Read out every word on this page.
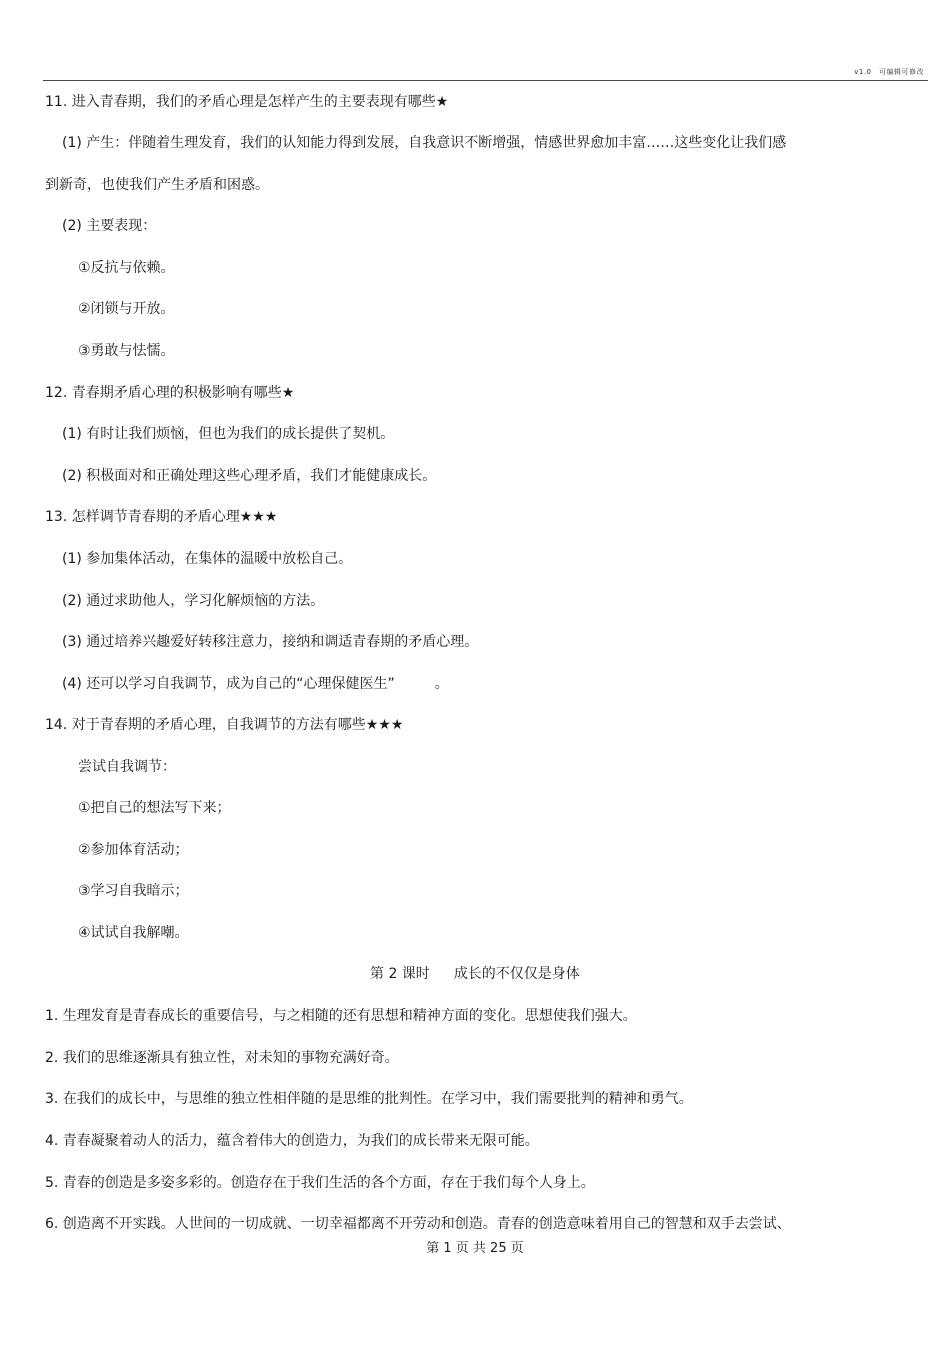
v1.0　可编辑可修改
11. 进入青春期，我们的矛盾心理是怎样产生的主要表现有哪些★
(1) 产生：伴随着生理发育，我们的认知能力得到发展，自我意识不断增强，情感世界愈加丰富……这些变化让我们感
到新奇，也使我们产生矛盾和困惑。
(2) 主要表现：
①反抗与依赖。
②闭锁与开放。
③勇敢与怯懦。
12. 青春期矛盾心理的积极影响有哪些★
(1) 有时让我们烦恼，但也为我们的成长提供了契机。
(2) 积极面对和正确处理这些心理矛盾，我们才能健康成长。
13. 怎样调节青春期的矛盾心理★★★
(1) 参加集体活动，在集体的温暖中放松自己。
(2) 通过求助他人，学习化解烦恼的方法。
(3) 通过培养兴趣爱好转移注意力，接纳和调适青春期的矛盾心理。
(4) 还可以学习自我调节，成为自己的“心理保健医生”	。
14. 对于青春期的矛盾心理，自我调节的方法有哪些★★★
尝试自我调节：
①把自己的想法写下来；
②参加体育活动；
③学习自我暗示；
④试试自我解嘲。
第 2 课时 成长的不仅仅是身体
1. 生理发育是青春成长的重要信号，与之相随的还有思想和精神方面的变化。思想使我们强大。
2. 我们的思维逐渐具有独立性，对未知的事物充满好奇。
3. 在我们的成长中，与思维的独立性相伴随的是思维的批判性。在学习中，我们需要批判的精神和勇气。
4. 青春凝聚着动人的活力，蕴含着伟大的创造力，为我们的成长带来无限可能。
5. 青春的创造是多姿多彩的。创造存在于我们生活的各个方面，存在于我们每个人身上。
6. 创造离不开实践。人世间的一切成就、一切幸福都离不开劳动和创造。青春的创造意味着用自己的智慧和双手去尝试、
第 1 页 共 25 页
